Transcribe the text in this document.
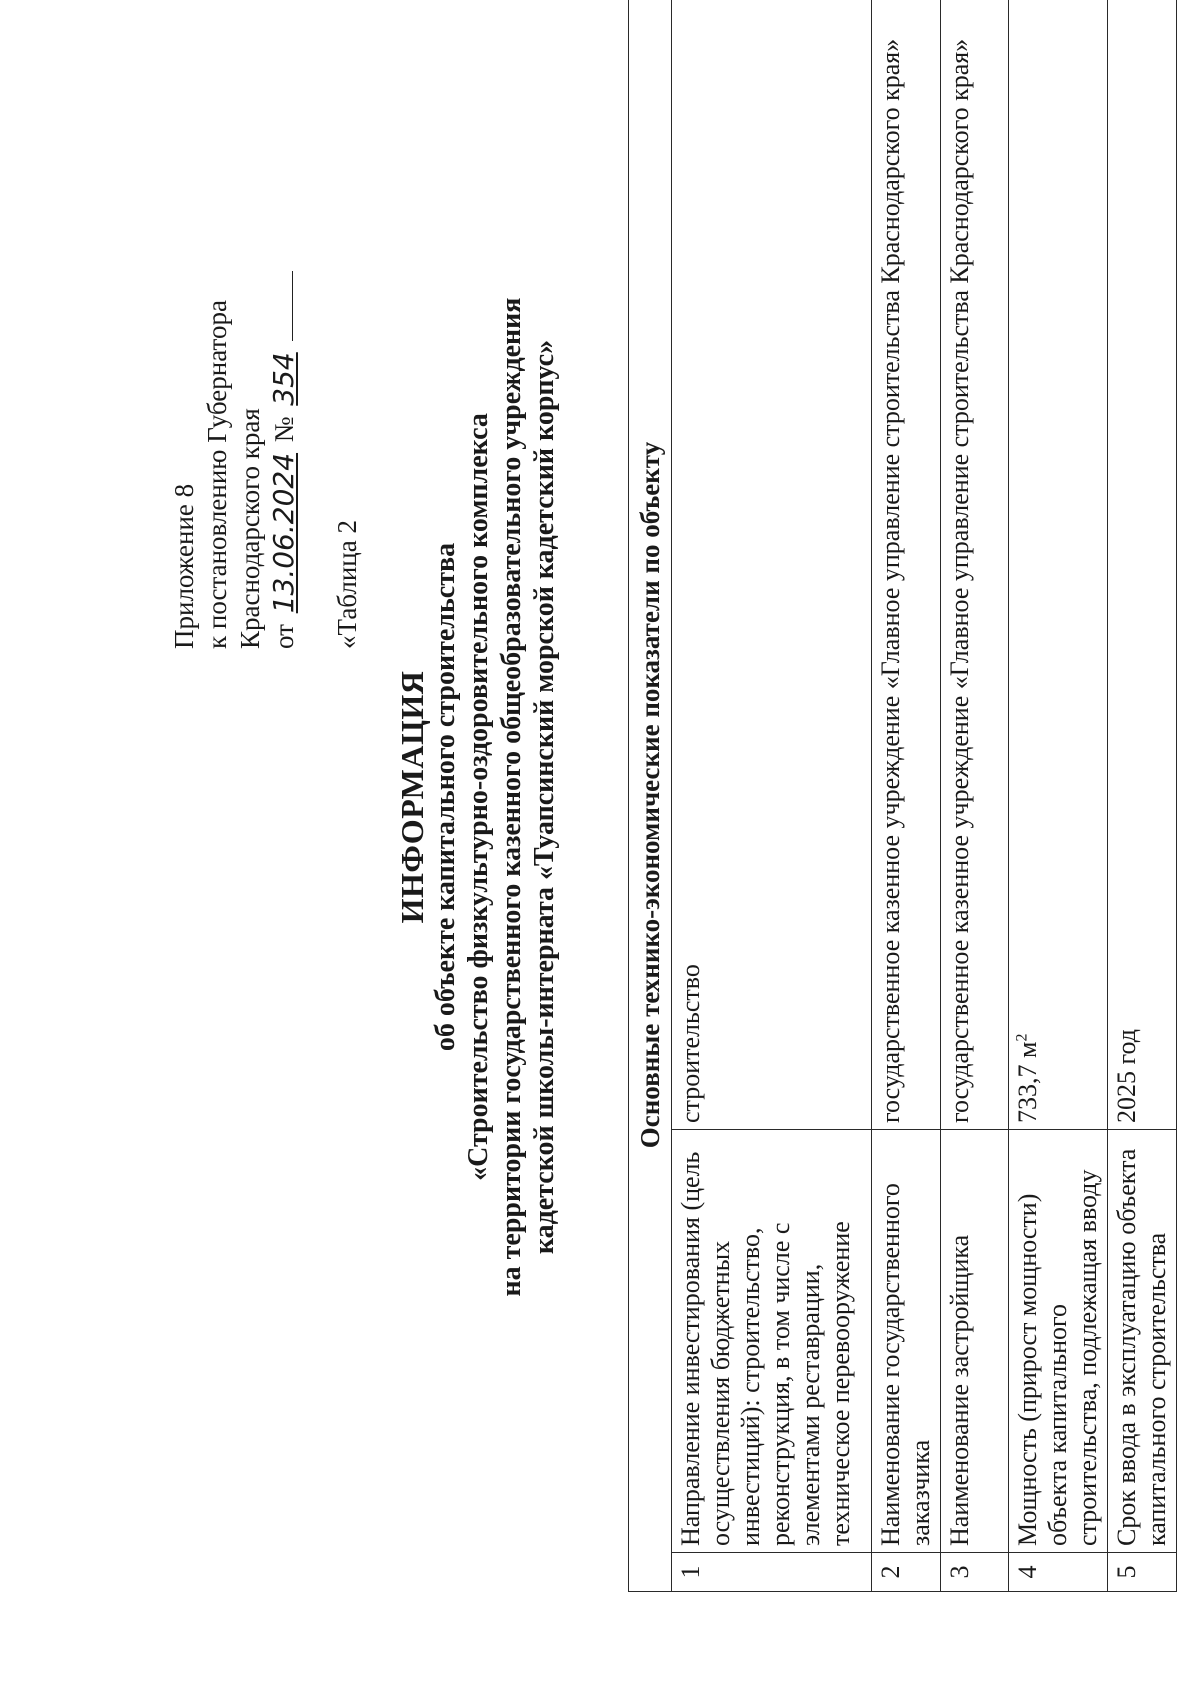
Приложение 8 к постановлению Губернатора Краснодарского края от 13.06.2024 № 354
«Таблица 2
ИНФОРМАЦИЯ об объекте капитального строительства «Строительство физкультурно-оздоровительного комплекса на территории государственного казенного общеобразовательного учреждения кадетской школы-интерната «Туапсинский морской кадетский корпус»	Основные технико-экономические показатели по объекту		
1	Направление инвестирования (цель осуществления бюджетных инвестиций): строительство, реконструкция, в том числе с элементами реставрации, техническое перевооружение	строительство
2	Наименование государственного заказчика	государственное казенное учреждение «Главное управление строительства Краснодарского края»
3	Наименование застройщика	государственное казенное учреждение «Главное управление строительства Краснодарского края»
4	Мощность (прирост мощности) объекта капитального строительства, подлежащая вводу	733,7 $м^2$
5	Срок ввода в эксплуатацию объекта капитального строительства	2025 год
